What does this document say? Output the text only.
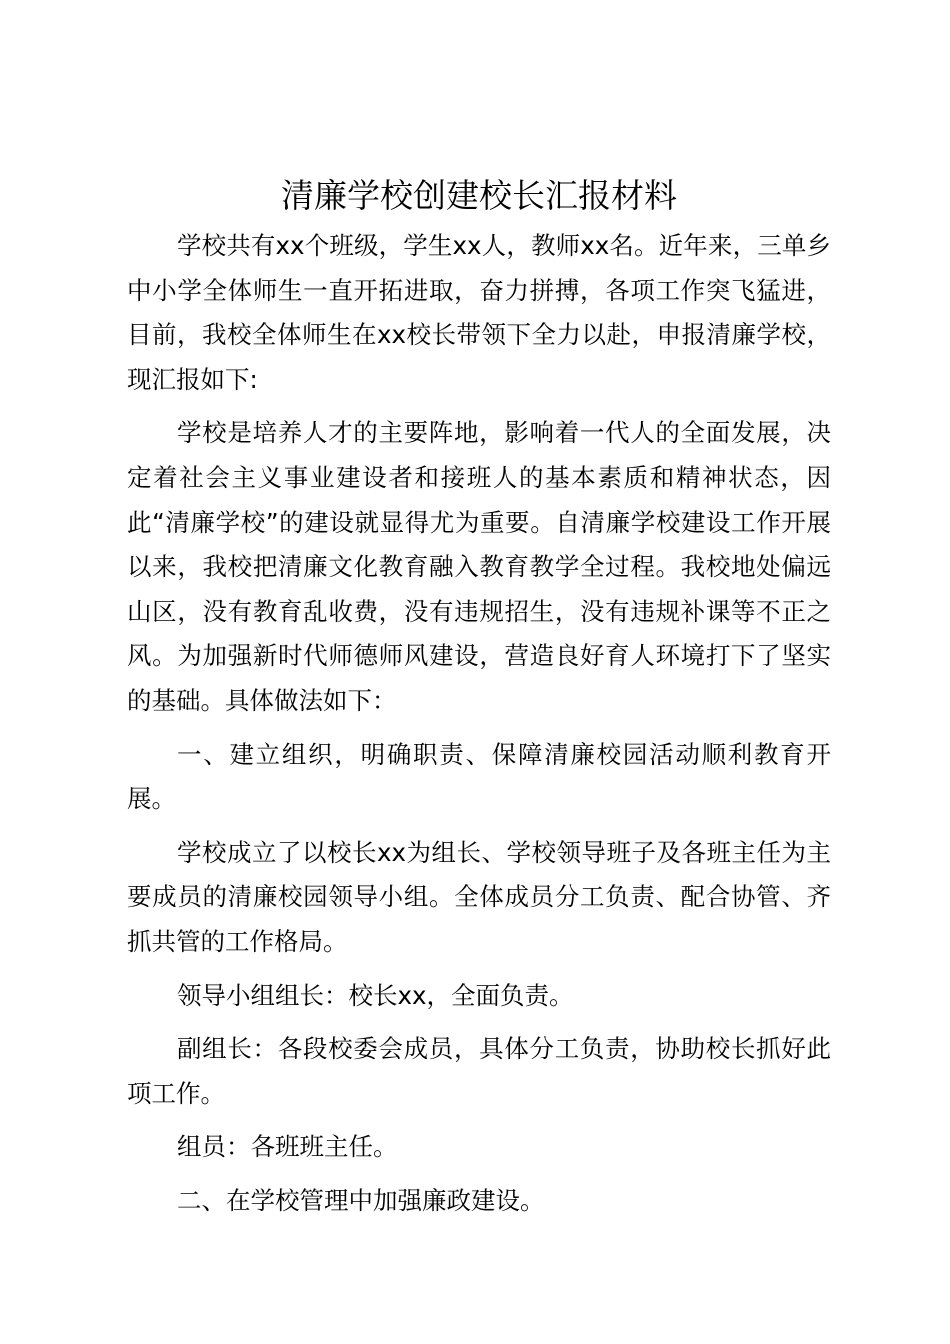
清廉学校创建校长汇报材料

学校共有xx个班级，学生xx人，教师xx名。近年来，三单乡中小学全体师生一直开拓进取，奋力拼搏，各项工作突飞猛进，目前，我校全体师生在xx校长带领下全力以赴，申报清廉学校，现汇报如下:

学校是培养人才的主要阵地，影响着一代人的全面发展，决定着社会主义事业建设者和接班人的基本素质和精神状态，因此“清廉学校”的建设就显得尤为重要。自清廉学校建设工作开展以来，我校把清廉文化教育融入教育教学全过程。我校地处偏远山区，没有教育乱收费，没有违规招生，没有违规补课等不正之风。为加强新时代师德师风建设，营造良好育人环境打下了坚实的基础。具体做法如下：

一、建立组织，明确职责、保障清廉校园活动顺利教育开展。

学校成立了以校长xx为组长、学校领导班子及各班主任为主要成员的清廉校园领导小组。全体成员分工负责、配合协管、齐抓共管的工作格局。

领导小组组长：校长xx，全面负责。

副组长：各段校委会成员，具体分工负责，协助校长抓好此项工作。

组员：各班班主任。

二、在学校管理中加强廉政建设。
